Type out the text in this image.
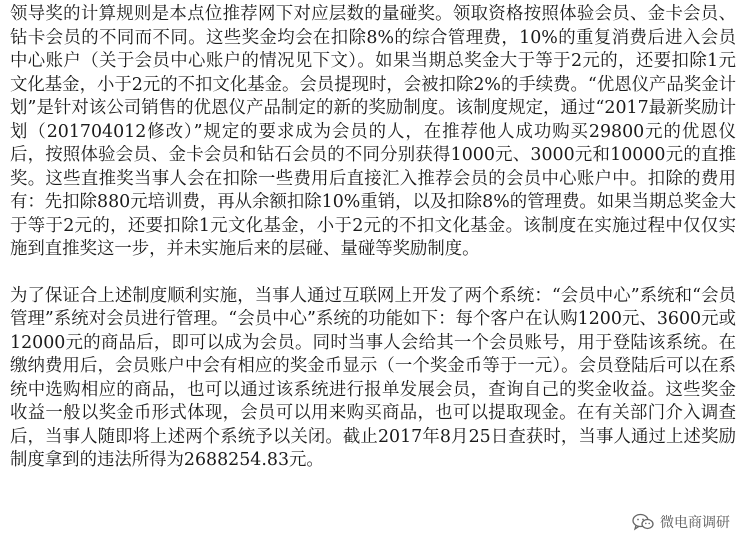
领导奖的计算规则是本点位推荐网下对应层数的量碰奖。领取资格按照体验会员、金卡会员、钻卡会员的不同而不同。这些奖金均会在扣除8%的综合管理费，10%的重复消费后进入会员中心账户（关于会员中心账户的情况见下文）。如果当期总奖金大于等于2元的，还要扣除1元文化基金，小于2元的不扣文化基金。会员提现时，会被扣除2%的手续费。“优恩仪产品奖金计划”是针对该公司销售的优恩仪产品制定的新的奖励制度。该制度规定，通过“2017最新奖励计划（201704012修改）”规定的要求成为会员的人，在推荐他人成功购买29800元的优恩仪后，按照体验会员、金卡会员和钻石会员的不同分别获得1000元、3000元和10000元的直推奖。这些直推奖当事人会在扣除一些费用后直接汇入推荐会员的会员中心账户中。扣除的费用有：先扣除880元培训费，再从余额扣除10%重销，以及扣除8%的管理费。如果当期总奖金大于等于2元的，还要扣除1元文化基金，小于2元的不扣文化基金。该制度在实施过程中仅仅实施到直推奖这一步，并未实施后来的层碰、量碰等奖励制度。

为了保证合上述制度顺利实施，当事人通过互联网上开发了两个系统：“会员中心”系统和“会员管理”系统对会员进行管理。“会员中心”系统的功能如下：每个客户在认购1200元、3600元或12000元的商品后，即可以成为会员。同时当事人会给其一个会员账号，用于登陆该系统。在缴纳费用后，会员账户中会有相应的奖金币显示（一个奖金币等于一元）。会员登陆后可以在系统中选购相应的商品，也可以通过该系统进行报单发展会员，查询自己的奖金收益。这些奖金收益一般以奖金币形式体现，会员可以用来购买商品，也可以提取现金。在有关部门介入调查后，当事人随即将上述两个系统予以关闭。截止2017年8月25日查获时，当事人通过上述奖励制度拿到的违法所得为2688254.83元。

微电商调研
